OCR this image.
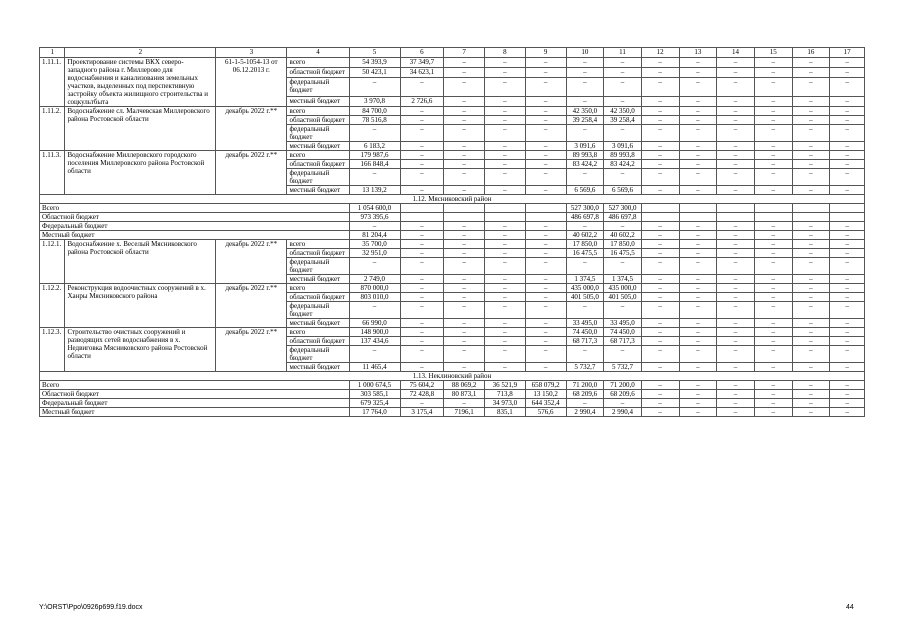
1	2	3	4	5	6	7	8	9	10	11	12	13	14	15	16	17
1.11.1.	Проектирование системы ВКХ северо-западного района г. Миллерово для водоснабжения и канализования земельных участков, выделенных под перспективную застройку объекта жилищного строительства и соцкультбыта	61-1-5-1054-13 от 06.12.2013 г.	всего	54 393,9	37 349,7	–	–	–	–	–	–	–	–	–	–	–
			областной бюджет	50 423,1	34 623,1	–	–	–	–	–	–	–	–	–	–	–
			федеральный бюджет	–	–	–	–	–	–	–	–	–	–	–	–	–
			местный бюджет	3 970,8	2 726,6	–	–	–	–	–	–	–	–	–	–	–
1.11.2.	Водоснабжение сл. Малчевская Миллеровского района Ростовской области	декабрь 2022 г.**	всего	84 700,0	–	–	–	–	42 350,0	42 350,0	–	–	–	–	–	–
			областной бюджет	78 516,8	–	–	–	–	39 258,4	39 258,4	–	–	–	–	–	–
			федеральный бюджет	–	–	–	–	–	–	–	–	–	–	–	–	–
			местный бюджет	6 183,2	–	–	–	–	3 091,6	3 091,6	–	–	–	–	–	–
1.11.3.	Водоснабжение Миллеровского городского поселения Миллеровского района Ростовской области	декабрь 2022 г.**	всего	179 987,6	–	–	–	–	89 993,8	89 993,8	–	–	–	–	–	–
			областной бюджет	166 848,4	–	–	–	–	83 424,2	83 424,2	–	–	–	–	–	–
			федеральный бюджет	–	–	–	–	–	–	–	–	–	–	–	–	–
			местный бюджет	13 139,2	–	–	–	–	6 569,6	6 569,6	–	–	–	–	–	–
1.12. Мясниковский район																
Всего				1 054 600,0					527 300,0	527 300,0						
Областной бюджет				973 395,6					486 697,8	486 697,8						
Федеральный бюджет				–	–	–	–	–	–	–	–	–	–	–	–	–
Местный бюджет				81 204,4	–	–	–	–	40 602,2	40 602,2	–	–	–	–	–	–
1.12.1.	Водоснабжение х. Веселый Мясниковского района Ростовской области	декабрь 2022 г.**	всего	35 700,0	–	–	–	–	17 850,0	17 850,0	–	–	–	–	–	–
			областной бюджет	32 951,0	–	–	–	–	16 475,5	16 475,5	–	–	–	–	–	–
			федеральный бюджет	–	–	–	–	–	–	–	–	–	–	–	–	–
			местный бюджет	2 749,0	–	–	–	–	1 374,5	1 374,5	–	–	–	–	–	–
1.12.2.	Реконструкция водоочистных сооружений в х. Ханры Мясниковского района	декабрь 2022 г.**	всего	870 000,0	–	–	–	–	435 000,0	435 000,0	–	–	–	–	–	–
			областной бюджет	803 010,0	–	–	–	–	401 505,0	401 505,0	–	–	–	–	–	–
			федеральный бюджет	–	–	–	–	–	–	–	–	–	–	–	–	–
			местный бюджет	66 990,0	–	–	–	–	33 495,0	33 495,0	–	–	–	–	–	–
1.12.3.	Строительство очистных сооружений и разводящих сетей водоснабжения в х. Недвиговка Мясниковского района Ростовской области	декабрь 2022 г.**	всего	148 900,0	–	–	–	–	74 450,0	74 450,0	–	–	–	–	–	–
			областной бюджет	137 434,6	–	–	–	–	68 717,3	68 717,3	–	–	–	–	–	–
			федеральный бюджет	–	–	–	–	–	–	–	–	–	–	–	–	–
			местный бюджет	11 465,4	–	–	–	–	5 732,7	5 732,7	–	–	–	–	–	–
1.13. Неклиновский район																
Всего				1 000 674,5	75 604,2	88 069,2	36 521,9	658 079,2	71 200,0	71 200,0	–	–	–	–	–	–
Областной бюджет				303 585,1	72 428,8	80 873,1	713,8	13 150,2	68 209,6	68 209,6	–	–	–	–	–	–
Федеральный бюджет				679 325,4	–	–	34 973,0	644 352,4	–	–	–	–	–	–	–	–
Местный бюджет				17 764,0	3 175,4	7196,1	835,1	576,6	2 990,4	2 990,4	–	–	–	–	–	–
Y:\ORST\Ppo\0926p699.f19.docx	44
